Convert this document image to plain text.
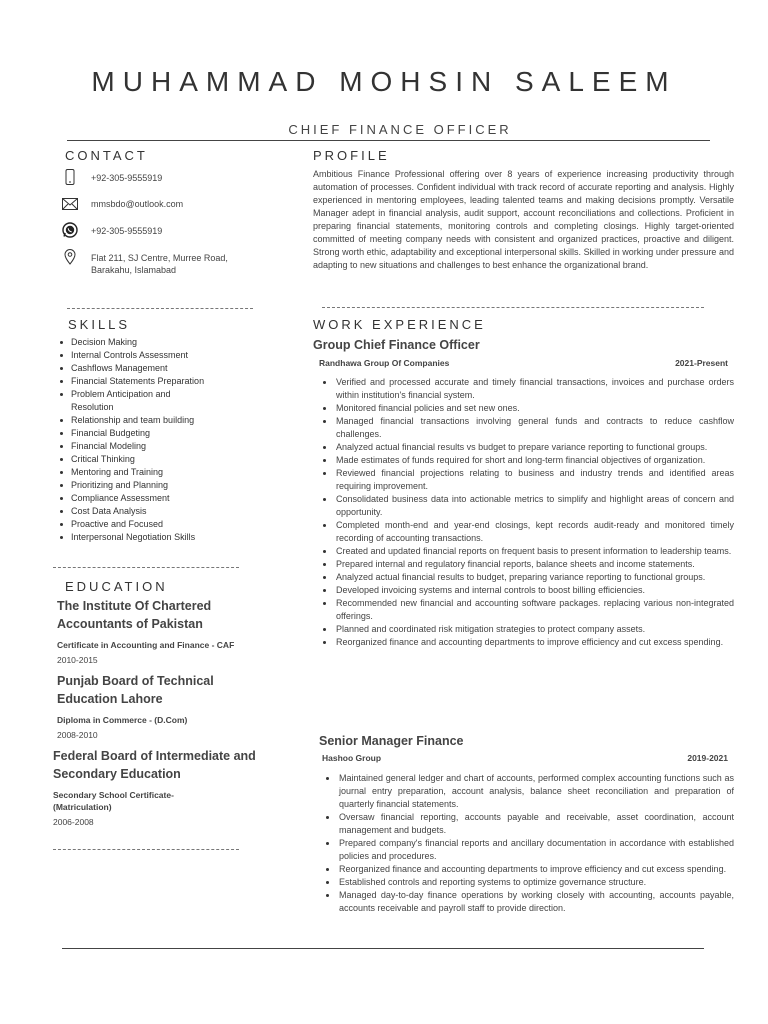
MUHAMMAD MOHSIN SALEEM
CHIEF FINANCE OFFICER
CONTACT
+92-305-9555919
mmsbdo@outlook.com
+92-305-9555919
Flat 211, SJ Centre, Murree Road, Barakahu, Islamabad
SKILLS
Decision Making
Internal Controls Assessment
Cashflows Management
Financial Statements Preparation
Problem Anticipation and Resolution
Relationship and team building
Financial Budgeting
Financial Modeling
Critical Thinking
Mentoring and Training
Prioritizing and Planning
Compliance Assessment
Cost Data Analysis
Proactive and Focused
Interpersonal Negotiation Skills
EDUCATION
The Institute Of Chartered Accountants of Pakistan
Certificate in Accounting and Finance - CAF
2010-2015
Punjab Board of Technical Education Lahore
Diploma in Commerce - (D.Com)
2008-2010
Federal Board of Intermediate and Secondary Education
Secondary School Certificate- (Matriculation)
2006-2008
PROFILE
Ambitious Finance Professional offering over 8 years of experience increasing productivity through automation of processes. Confident individual with track record of accurate reporting and analysis. Highly experienced in mentoring employees, leading talented teams and making decisions promptly. Versatile Manager adept in financial analysis, audit support, account reconciliations and collections. Proficient in preparing financial statements, monitoring controls and completing closings. Highly target-oriented committed of meeting company needs with consistent and organized practices, proactive and diligent. Strong worth ethic, adaptability and exceptional interpersonal skills. Skilled in working under pressure and adapting to new situations and challenges to best enhance the organizational brand.
WORK EXPERIENCE
Group Chief Finance Officer
Randhawa Group Of Companies	2021-Present
Verified and processed accurate and timely financial transactions, invoices and purchase orders within institution's financial system.
Monitored financial policies and set new ones.
Managed financial transactions involving general funds and contracts to reduce cashflow challenges.
Analyzed actual financial results vs budget to prepare variance reporting to functional groups.
Made estimates of funds required for short and long-term financial objectives of organization.
Reviewed financial projections relating to business and industry trends and identified areas requiring improvement.
Consolidated business data into actionable metrics to simplify and highlight areas of concern and opportunity.
Completed month-end and year-end closings, kept records audit-ready and monitored timely recording of accounting transactions.
Created and updated financial reports on frequent basis to present information to leadership teams.
Prepared internal and regulatory financial reports, balance sheets and income statements.
Analyzed actual financial results to budget, preparing variance reporting to functional groups.
Developed invoicing systems and internal controls to boost billing efficiencies.
Recommended new financial and accounting software packages. replacing various non-integrated offerings.
Planned and coordinated risk mitigation strategies to protect company assets.
Reorganized finance and accounting departments to improve efficiency and cut excess spending.
Senior Manager Finance
Hashoo Group	2019-2021
Maintained general ledger and chart of accounts, performed complex accounting functions such as journal entry preparation, account analysis, balance sheet reconciliation and preparation of quarterly financial statements.
Oversaw financial reporting, accounts payable and receivable, asset coordination, account management and budgets.
Prepared company's financial reports and ancillary documentation in accordance with established policies and procedures.
Reorganized finance and accounting departments to improve efficiency and cut excess spending.
Established controls and reporting systems to optimize governance structure.
Managed day-to-day finance operations by working closely with accounting, accounts payable, accounts receivable and payroll staff to provide direction.
